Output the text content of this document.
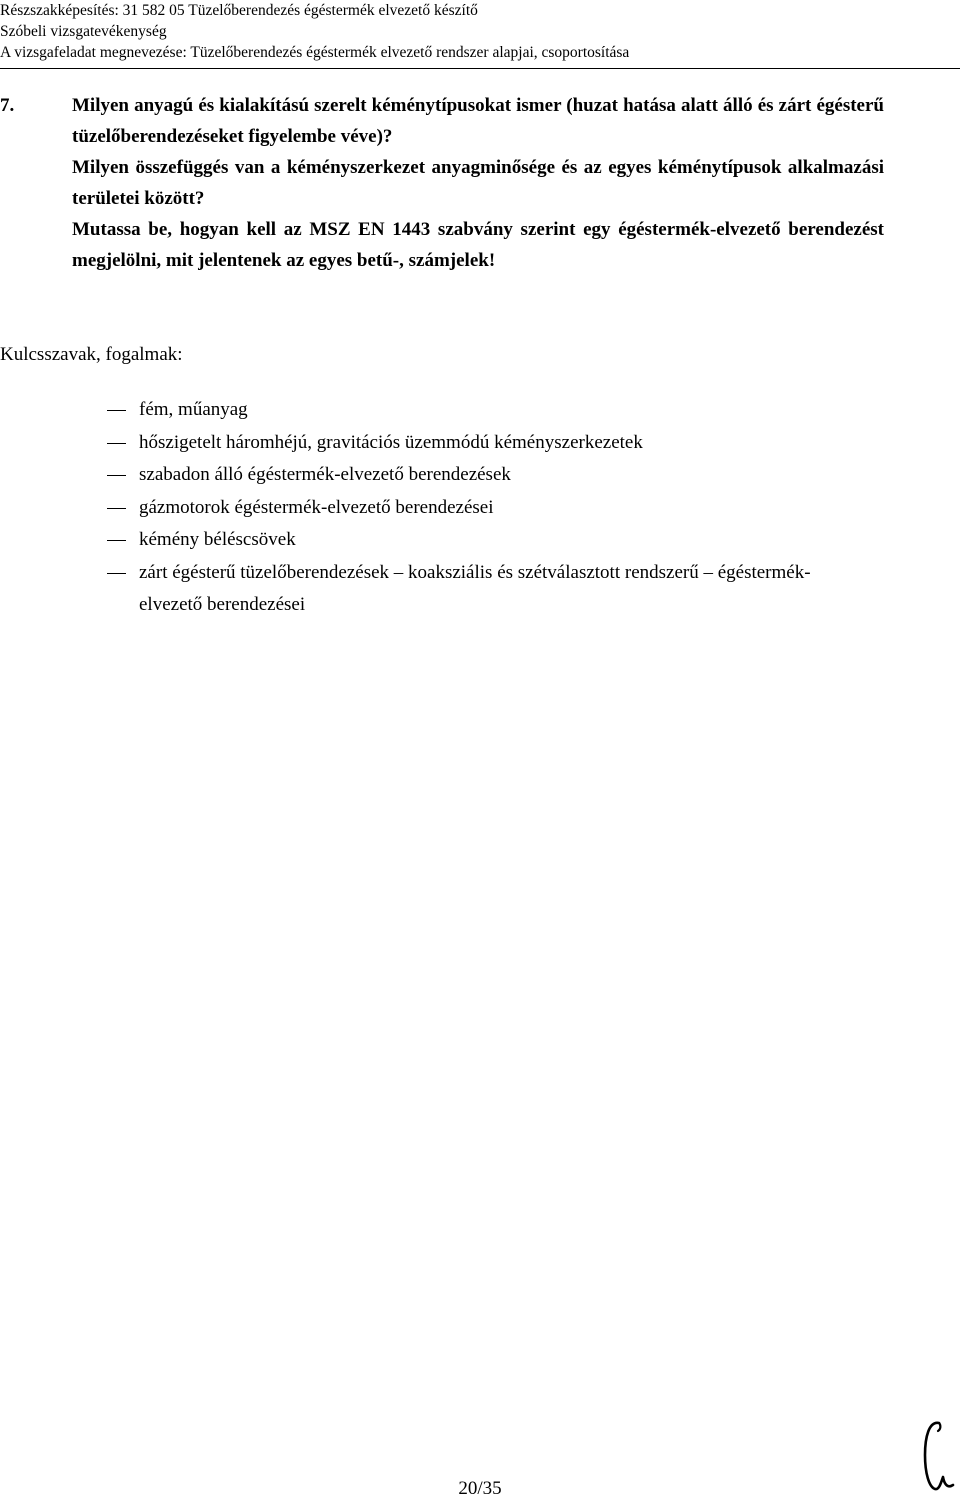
Részszakképesítés: 31 582 05 Tüzelőberendezés égéstermék elvezető készítő
Szóbeli vizsgatevékenység
A vizsgafeladat megnevezése: Tüzelőberendezés égéstermék elvezető rendszer alapjai, csoportosítása
7.	Milyen anyagú és kialakítású szerelt kéménytípusokat ismer (huzat hatása alatt álló és zárt égésterű tüzelőberendezéseket figyelembe véve)?

Milyen összefüggés van a kéményszerkezet anyagminősége és az egyes kéménytípusok alkalmazási területei között?

Mutassa be, hogyan kell az MSZ EN 1443 szabvány szerint egy égéstermék-elvezető berendezést megjelölni, mit jelentenek az egyes betű-, számjelek!

Kulcsszavak, fogalmak:
fém, műanyag
hőszigetelt háromhéjú, gravitációs üzemmódú kéményszerkezetek
szabadon álló égéstermék-elvezető berendezések
gázmotorok égéstermék-elvezető berendezései
kémény béléscsövek
zárt égésterű tüzelőberendezések – koaksziális és szétválasztott rendszerű – égéstermék-elvezető berendezései
20/35
